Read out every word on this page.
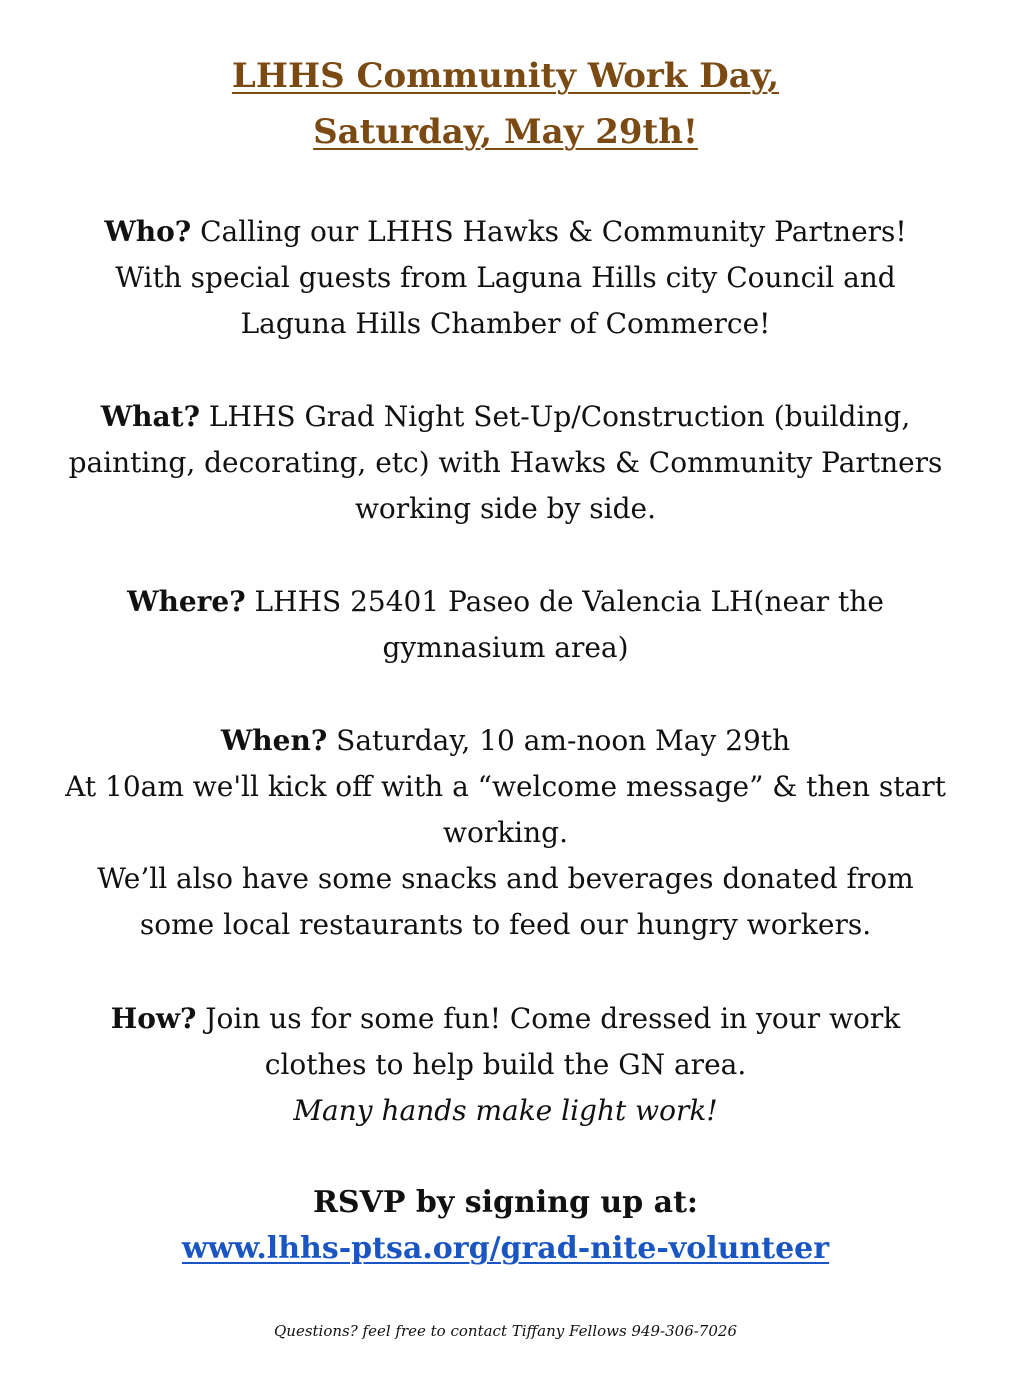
LHHS Community Work Day,
Saturday, May 29th!

Who? Calling our LHHS Hawks & Community Partners!

With special guests from Laguna Hills city Council and

Laguna Hills Chamber of Commerce!

What? LHHS Grad Night Set-Up/Construction (building,

painting, decorating, etc) with Hawks & Community Partners

working side by side.

Where? LHHS 25401 Paseo de Valencia LH(near the

gymnasium area)

When? Saturday, 10 am-noon May 29th

At 10am we'll kick off with a “welcome message” & then start

working.

We’ll also have some snacks and beverages donated from

some local restaurants to feed our hungry workers.

How? Join us for some fun! Come dressed in your work

clothes to help build the GN area.

Many hands make light work!

RSVP by signing up at:

www.lhhs-ptsa.org/grad-nite-volunteer

Questions? feel free to contact Tiffany Fellows 949-306-7026
